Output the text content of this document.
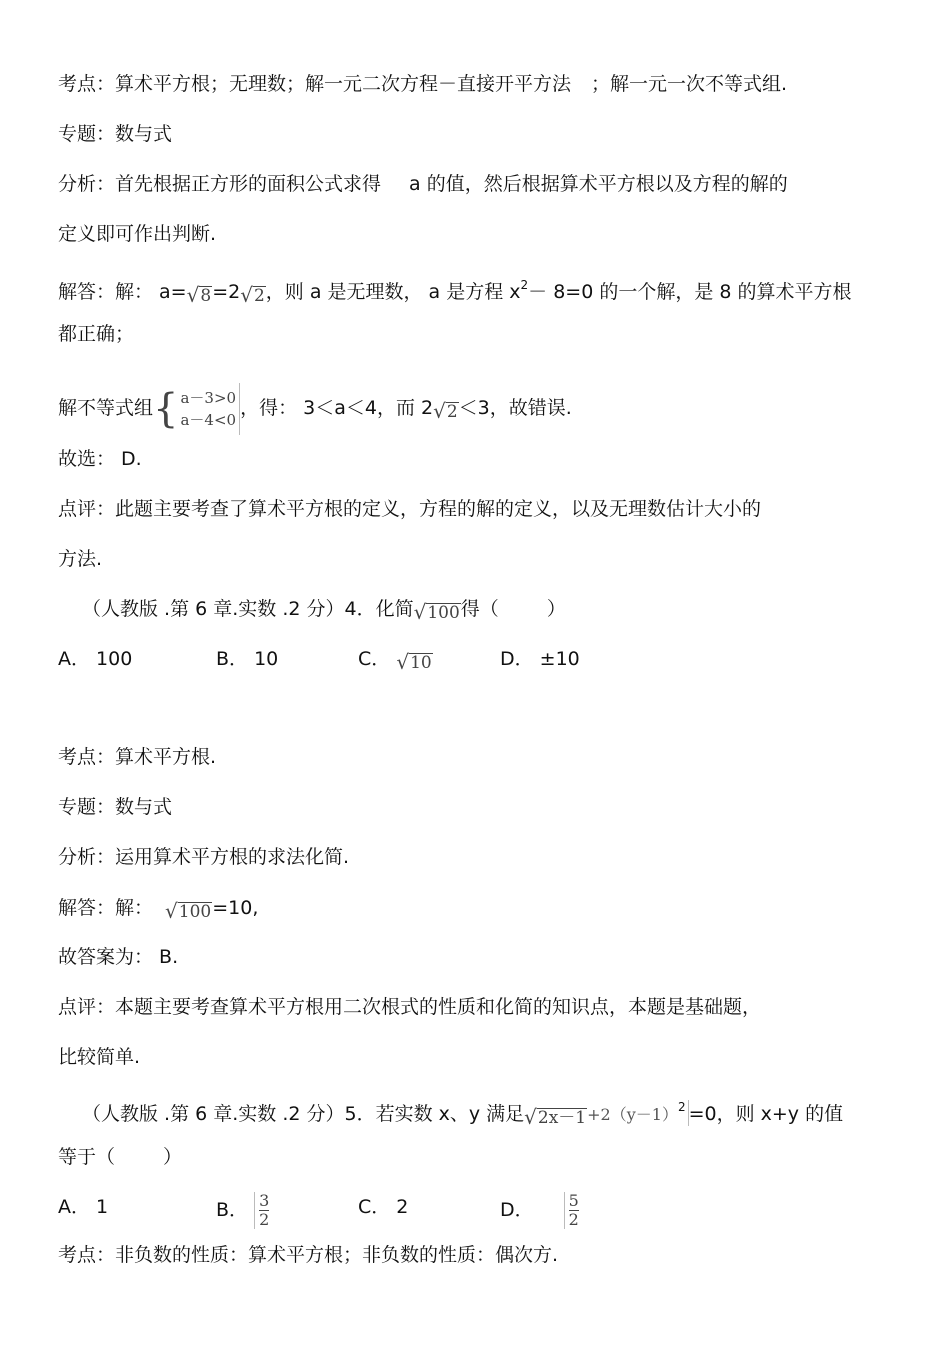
考点：算术平方根；无理数；解一元二次方程－直接开平方法 ；解一元一次不等式组.
专题：数与式
分析：首先根据正方形的面积公式求得 a 的值，然后根据算术平方根以及方程的解的
定义即可作出判断.
解答：解： a= √ 8 =2 √ 2 ，则 a 是无理数， a 是方程 $x^2- 8=0$ 的一个解，是 8 的算术平方根
都正确；
解不等式组 { a－3>0
a－4<0
，得： 3＜a＜4，而 2 √ 2 ＜3，故错误.
故选： D.
点评：此题主要考查了算术平方根的定义，方程的解的定义，以及无理数估计大小的
方法.
（人教版 .第 6 章.实数 .2 分）4．化简 √ 100 得（	）
A． 100	B． 10	C． √ 10	D． ±10
考点：算术平方根.
专题：数与式
分析：运用算术平方根的求法化简.
解答：解： √ 100 =10,
故答案为： B.
点评：本题主要考查算术平方根用二次根式的性质和化简的知识点，本题是基础题，
比较简单.
（人教版 .第 6 章.实数 .2 分）5．若实数 x、y 满足 √ $2x-1 +2(y-1)^2 =0$，则 x+y 的值
等于（	）
A． 1	B． $\frac{3}{2}$	C． 2	D． $\frac{5}{2}$
考点：非负数的性质：算术平方根；非负数的性质：偶次方.
